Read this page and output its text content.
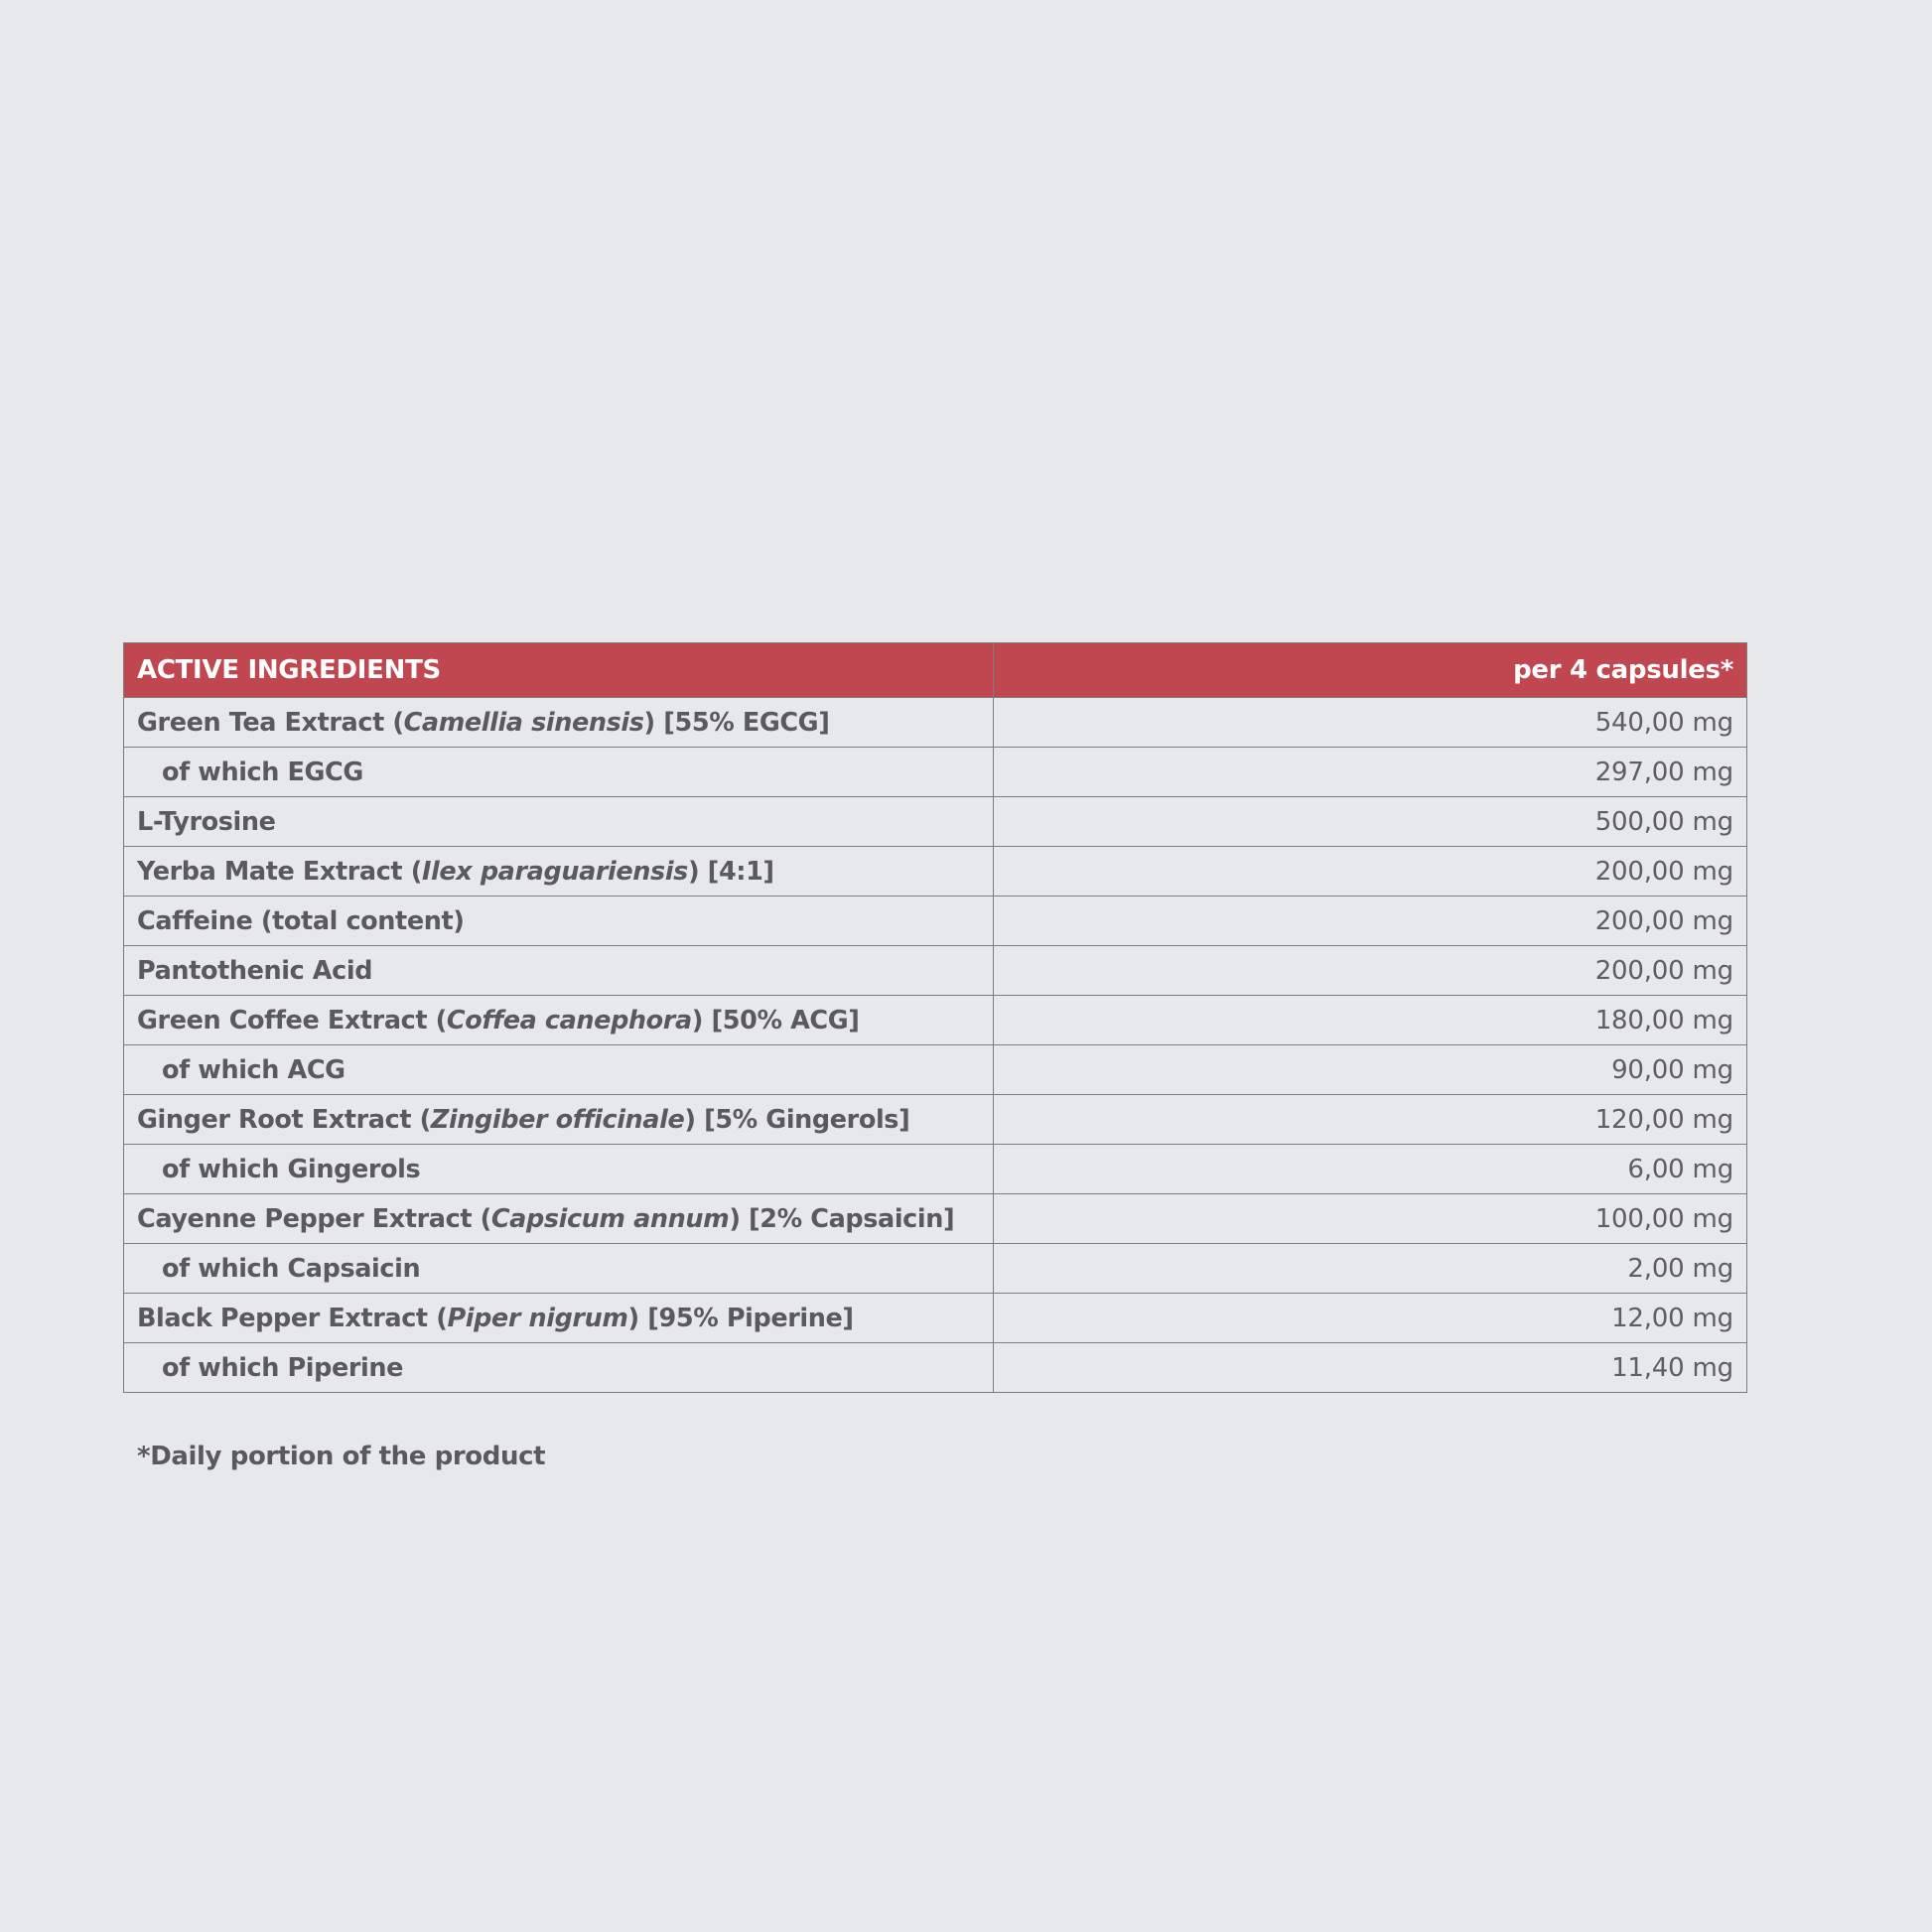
ACTIVE INGREDIENTS	per 4 capsules*
Green Tea Extract (Camellia sinensis) [55% EGCG]	540,00 mg
of which EGCG	297,00 mg
L-Tyrosine	500,00 mg
Yerba Mate Extract (Ilex paraguariensis) [4:1]	200,00 mg
Caffeine (total content)	200,00 mg
Pantothenic Acid	200,00 mg
Green Coffee Extract (Coffea canephora) [50% ACG]	180,00 mg
of which ACG	90,00 mg
Ginger Root Extract (Zingiber officinale) [5% Gingerols]	120,00 mg
of which Gingerols	6,00 mg
Cayenne Pepper Extract (Capsicum annum) [2% Capsaicin]	100,00 mg
of which Capsaicin	2,00 mg
Black Pepper Extract (Piper nigrum) [95% Piperine]	12,00 mg
of which Piperine	11,40 mg

*Daily portion of the product
